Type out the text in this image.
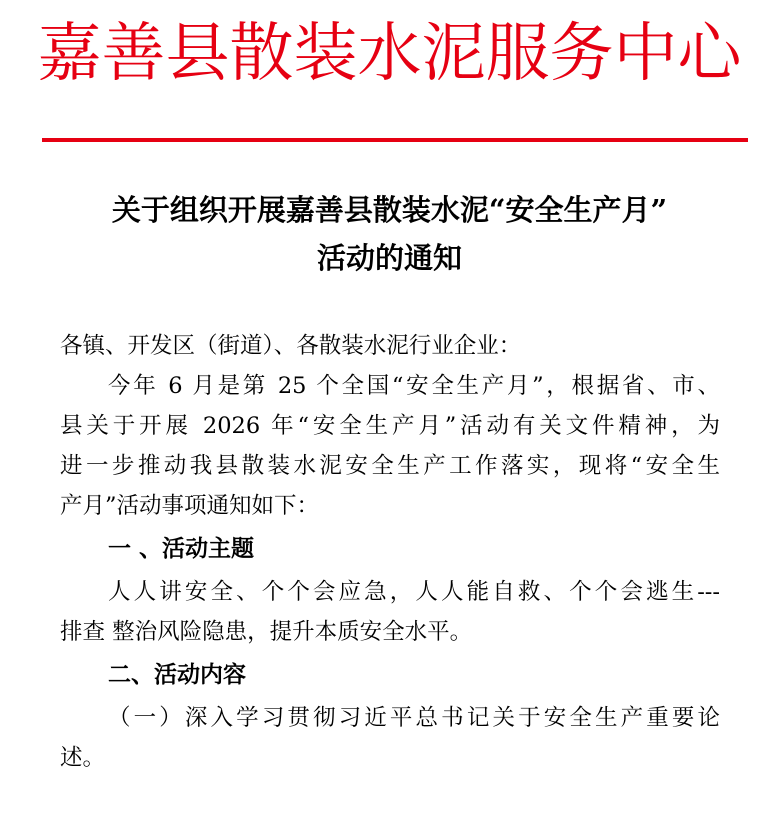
嘉善县散装水泥服务中心
关于组织开展嘉善县散装水泥“安全生产月”
活动的通知
各镇、开发区（街道）、各散装水泥行业企业：
今年 6 月是第 25 个全国“安全生产月”，根据省、市、
县关于开展 2026 年“安全生产月”活动有关文件精神，为
进一步推动我县散装水泥安全生产工作落实，现将“安全生
产月”活动事项通知如下：
一 、活动主题
人人讲安全、个个会应急，人人能自救、个个会逃生---
排查 整治风险隐患，提升本质安全水平。
二、活动内容
（一）深入学习贯彻习近平总书记关于安全生产重要论
述。
